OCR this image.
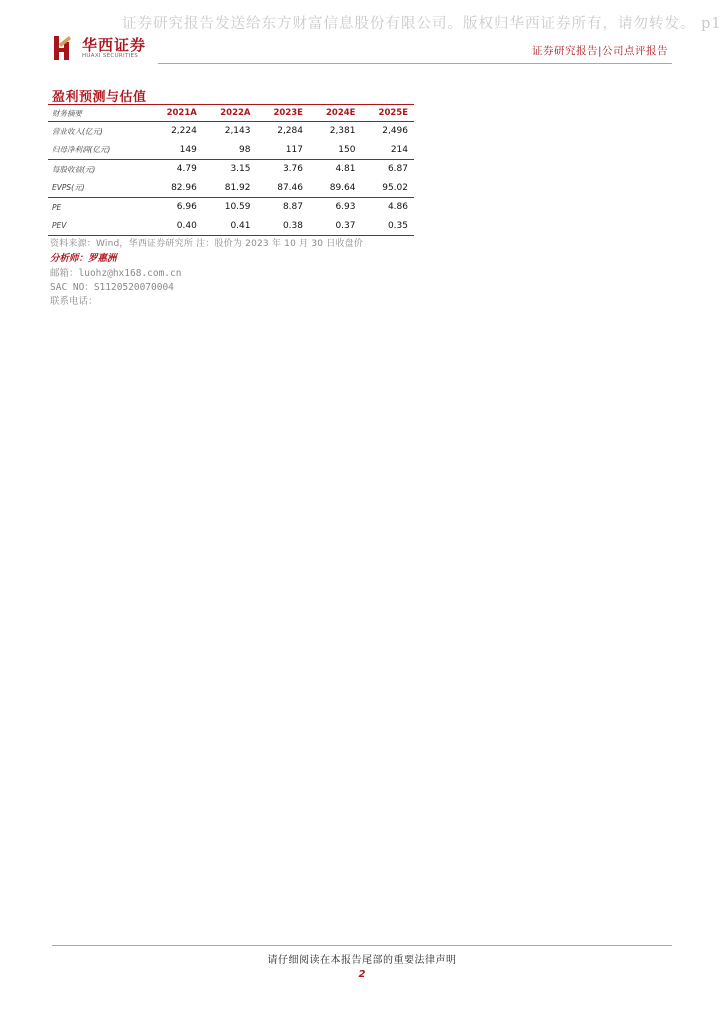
证券研究报告发送给东方财富信息股份有限公司。版权归华西证券所有，请勿转发。 p1
华西证券
HUAXI SECURITIES	证券研究报告|公司点评报告
盈利预测与估值
财务摘要	2021A	2022A	2023E	2024E	2025E
营业收入(亿元)	2,224	2,143	2,284	2,381	2,496
归母净利润(亿元)	149	98	117	150	214
每股收益(元)	4.79	3.15	3.76	4.81	6.87
EVPS(元)	82.96	81.92	87.46	89.64	95.02
PE	6.96	10.59	8.87	6.93	4.86
PEV	0.40	0.41	0.38	0.37	0.35
资料来源：Wind，华西证券研究所 注：股价为 2023 年 10 月 30 日收盘价
分析师：罗惠洲
邮箱：luohz@hx168.com.cn
SAC NO：S1120520070004
联系电话：
请仔细阅读在本报告尾部的重要法律声明
2
